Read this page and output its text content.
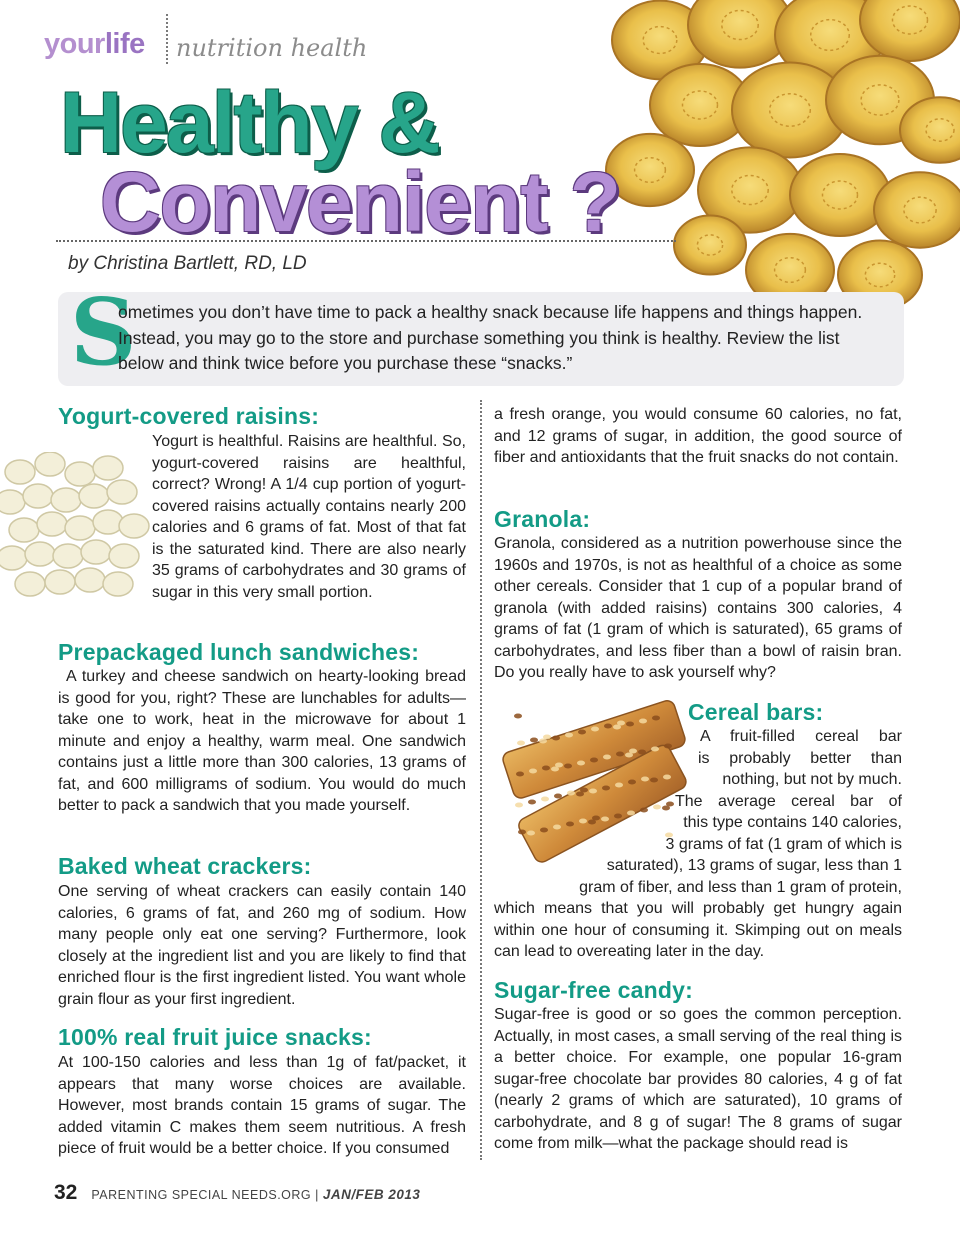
yourlife nutrition health
Healthy &
Convenient ?
by Christina Bartlett, RD, LD
S
ometimes you don’t have time to pack a healthy snack because life happens and things happen. Instead, you may go to the store and purchase something you think is healthy. Review the list below and think twice before you purchase these “snacks.”
Yogurt-covered raisins:
Yogurt is healthful. Raisins are healthful. So, yogurt-covered raisins are healthful, correct? Wrong! A 1/4 cup portion of yogurt-covered raisins actually contains nearly 200 calories and 6 grams of fat. Most of that fat is the saturated kind. There are also nearly 35 grams of carbohydrates and 30 grams of sugar in this very small portion.
Prepackaged lunch sandwiches:
A turkey and cheese sandwich on hearty-looking bread is good for you, right? These are lunchables for adults—take one to work, heat in the microwave for about 1 minute and enjoy a healthy, warm meal. One sandwich contains just a little more than 300 calories, 13 grams of fat, and 600 milligrams of sodium. You would do much better to pack a sandwich that you made yourself.
Baked wheat crackers:
One serving of wheat crackers can easily contain 140 calories, 6 grams of fat, and 260 mg of sodium. How many people only eat one serving? Furthermore, look closely at the ingredient list and you are likely to find that enriched flour is the first ingredient listed. You want whole grain flour as your first ingredient.
100% real fruit juice snacks:
At 100-150 calories and less than 1g of fat/packet, it appears that many worse choices are available. However, most brands contain 15 grams of sugar. The added vitamin C makes them seem nutritious. A fresh piece of fruit would be a better choice. If you consumed
a fresh orange, you would consume 60 calories, no fat, and 12 grams of sugar, in addition, the good source of fiber and antioxidants that the fruit snacks do not contain.
Granola:
Granola, considered as a nutrition powerhouse since the 1960s and 1970s, is not as healthful of a choice as some other cereals. Consider that 1 cup of a popular brand of granola (with added raisins) contains 300 calories, 4 grams of fat (1 gram of which is saturated), 65 grams of carbohydrates, and less fiber than a bowl of raisin bran. Do you really have to ask yourself why?
Cereal bars:
A fruit-filled cereal bar
is probably better than
nothing, but not by much.
The average cereal bar of
this type contains 140 calories,
3 grams of fat (1 gram of which is
saturated), 13 grams of sugar, less than 1
gram of fiber, and less than 1 gram of protein,
which means that you will probably get hungry again within one hour of consuming it. Skimping out on meals can lead to overeating later in the day.
Sugar-free candy:
Sugar-free is good or so goes the common perception. Actually, in most cases, a small serving of the real thing is a better choice. For example, one popular 16-gram sugar-free chocolate bar provides 80 calories, 4 g of fat (nearly 2 grams of which are saturated), 10 grams of carbohydrate, and 8 g of sugar! The 8 grams of sugar come from milk—what the package should read is
32 PARENTING SPECIAL NEEDS.ORG | JAN/FEB 2013
